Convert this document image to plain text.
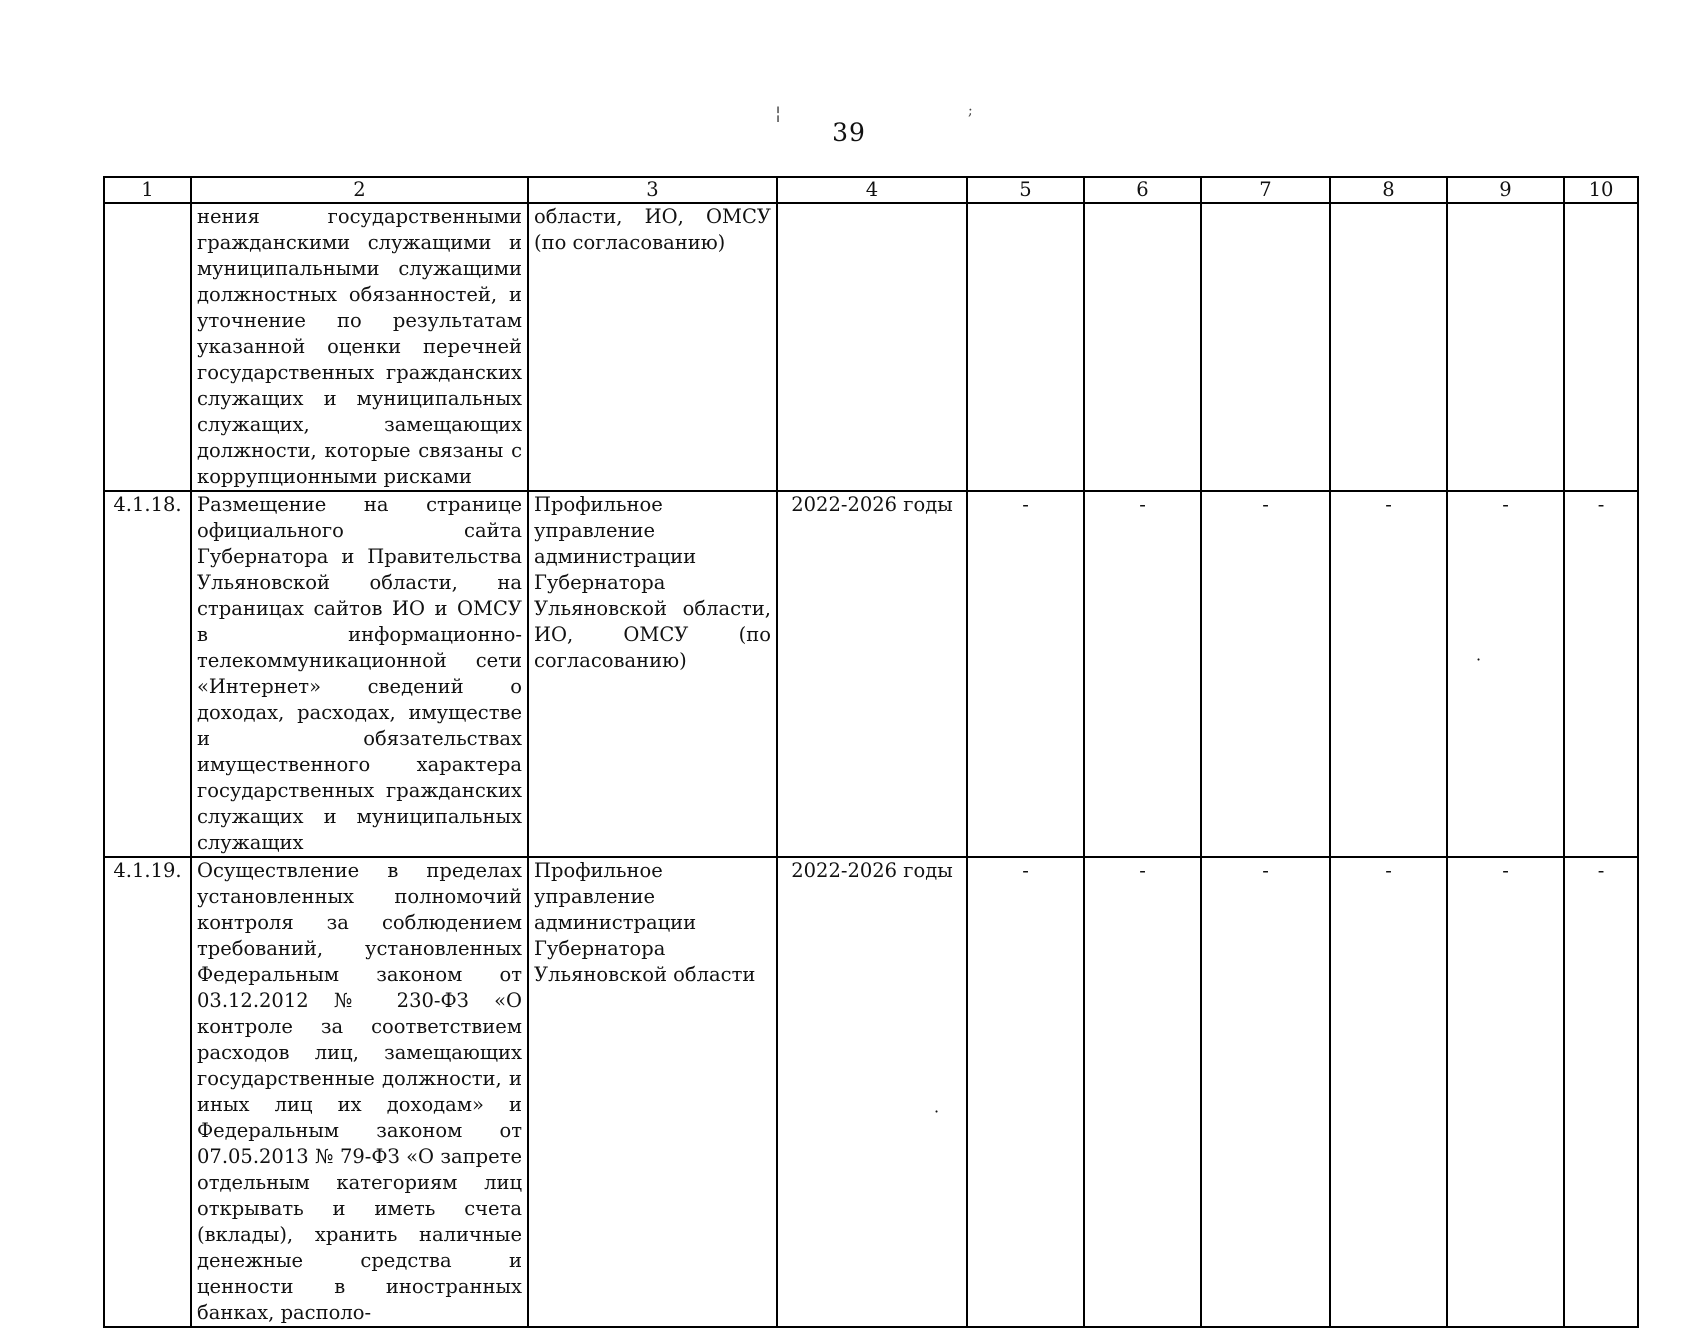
39
¦	;
1	2	3	4	5	6	7	8	9	10
	нения государственными гражданскими служащими и муниципальными служащими должностных обязанностей, и уточнение по результатам указанной оценки перечней государственных гражданских служащих и муниципальных служащих, замещающих должности, которые связаны с коррупционными рисками	области, ИО, ОМСУ (по согласованию)							
4.1.18.	Размещение на странице официального сайта Губернатора и Правительства Ульяновской области, на страницах сайтов ИО и ОМСУ в информационно-телекоммуникационной сети «Интернет» сведений о доходах, расходах, имуществе и обязательствах имущественного характера государственных гражданских служащих и муниципальных служащих	Профильное управление администрации Губернатора Ульяновской области, ИО, ОМСУ (по согласованию)	2022-2026 годы	-	-	-	-	-	-
4.1.19.	Осуществление в пределах установленных полномочий контроля за соблюдением требований, установленных Федеральным законом от 03.12.2012 № 230-ФЗ «О контроле за соответствием расходов лиц, замещающих государственные должности, и иных лиц их доходам» и Федеральным законом от 07.05.2013 № 79-ФЗ «О запрете отдельным категориям лиц открывать и иметь счета (вклады), хранить наличные денежные средства и ценности в иностранных банках, располо-	Профильное управление администрации Губернатора Ульяновской области	2022-2026 годы	-	-	-	-	-	-
·
·
